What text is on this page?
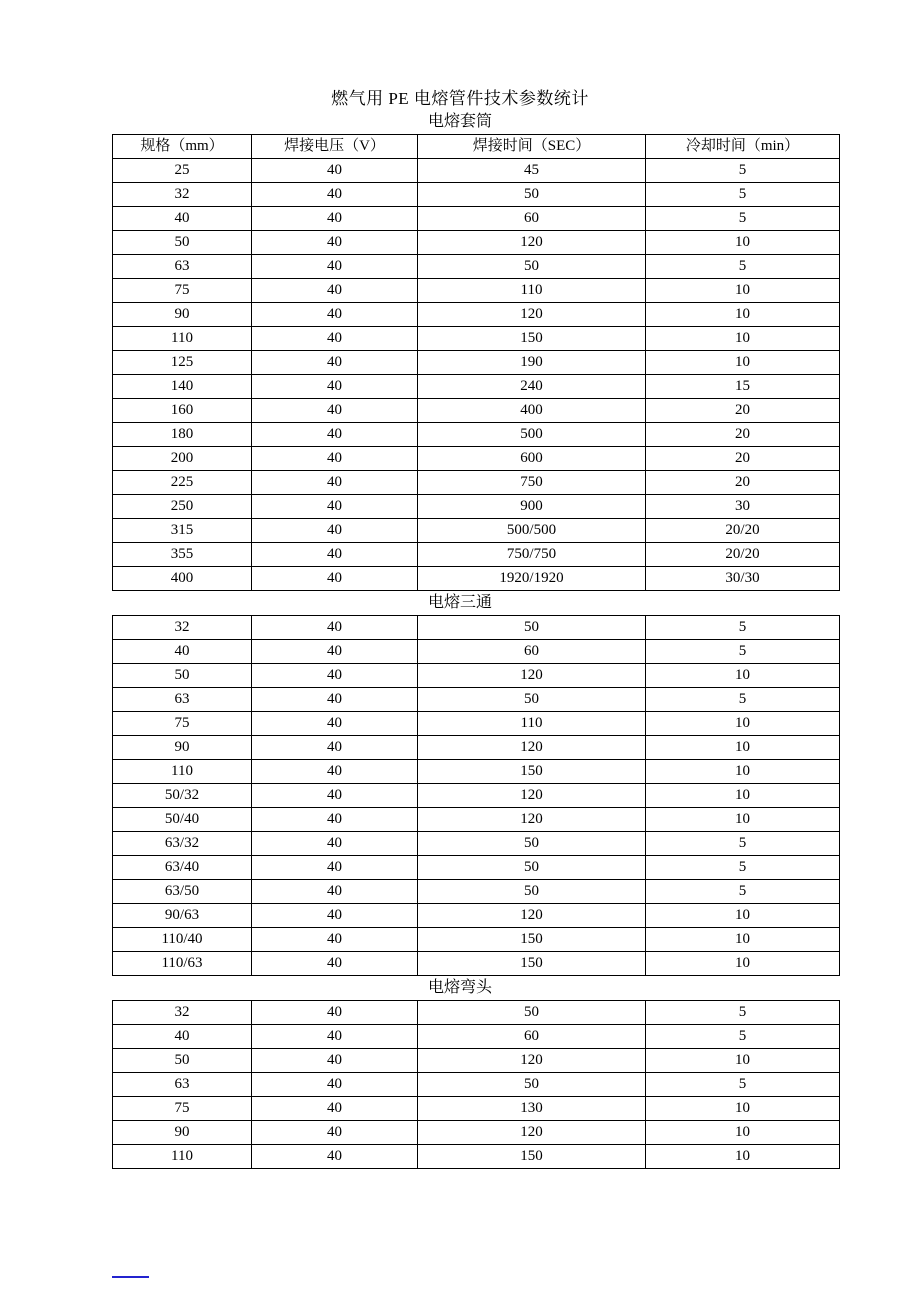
燃气用 PE 电熔管件技术参数统计
电熔套筒
规格（mm）	焊接电压（V）	焊接时间（SEC）	冷却时间（min）
25	40	45	5
32	40	50	5
40	40	60	5
50	40	120	10
63	40	50	5
75	40	110	10
90	40	120	10
110	40	150	10
125	40	190	10
140	40	240	15
160	40	400	20
180	40	500	20
200	40	600	20
225	40	750	20
250	40	900	30
315	40	500/500	20/20
355	40	750/750	20/20
400	40	1920/1920	30/30
电熔三通
32	40	50	5
40	40	60	5
50	40	120	10
63	40	50	5
75	40	110	10
90	40	120	10
110	40	150	10
50/32	40	120	10
50/40	40	120	10
63/32	40	50	5
63/40	40	50	5
63/50	40	50	5
90/63	40	120	10
110/40	40	150	10
110/63	40	150	10
电熔弯头
32	40	50	5
40	40	60	5
50	40	120	10
63	40	50	5
75	40	130	10
90	40	120	10
110	40	150	10
